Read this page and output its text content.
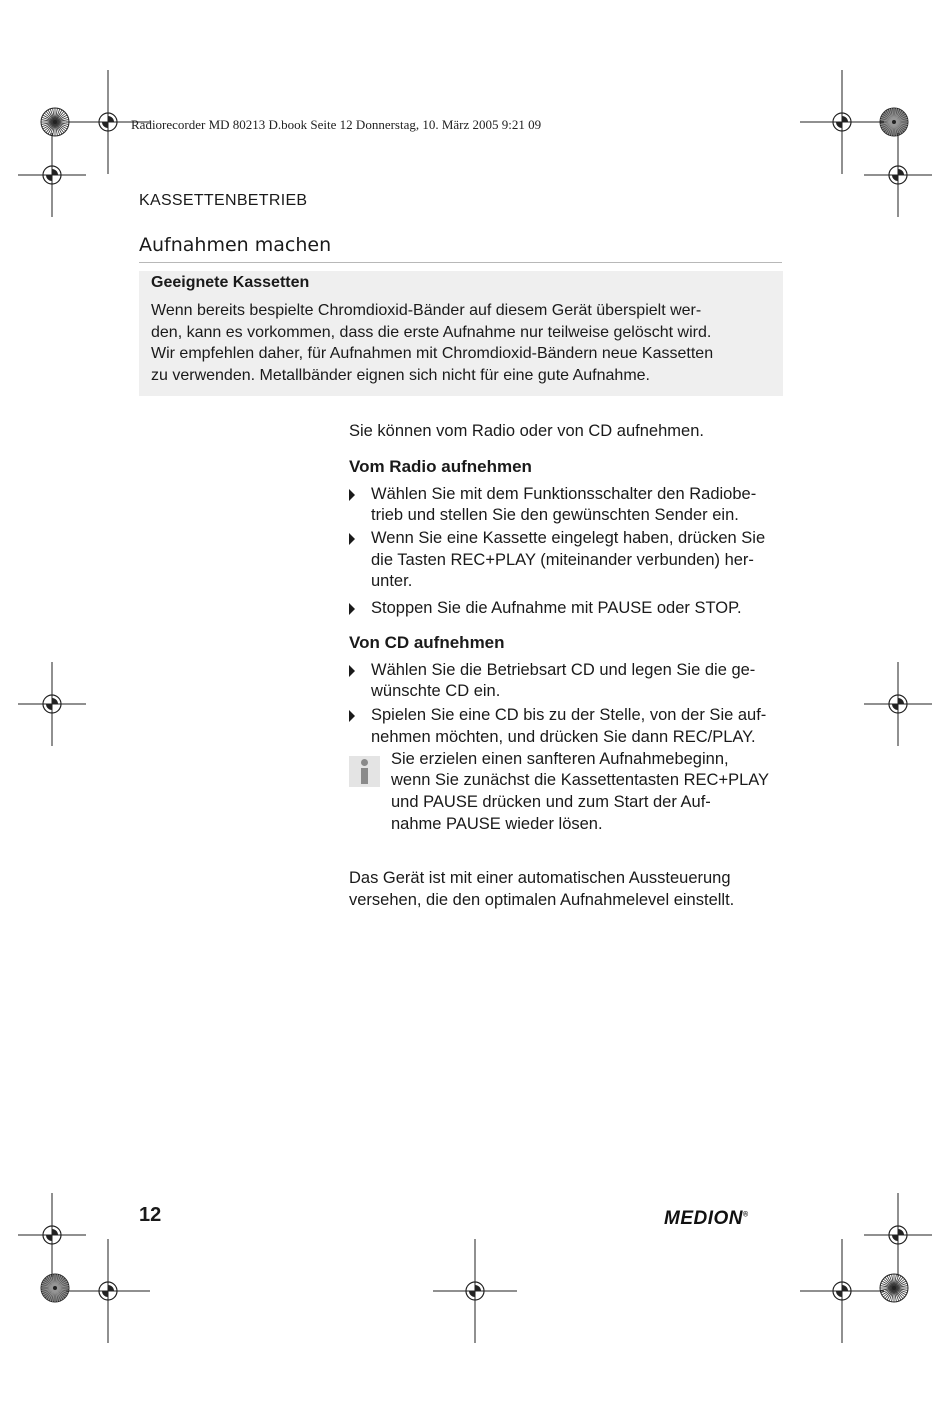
Radiorecorder MD 80213 D.book Seite 12 Donnerstag, 10. März 2005 9:21 09
KASSETTENBETRIEB
Aufnahmen machen
Geeignete Kassetten
Wenn bereits bespielte Chromdioxid-Bänder auf diesem Gerät überspielt wer-
den, kann es vorkommen, dass die erste Aufnahme nur teilweise gelöscht wird.
Wir empfehlen daher, für Aufnahmen mit Chromdioxid-Bändern neue Kassetten
zu verwenden. Metallbänder eignen sich nicht für eine gute Aufnahme.
Sie können vom Radio oder von CD aufnehmen.
Vom Radio aufnehmen
Wählen Sie mit dem Funktionsschalter den Radiobe-
trieb und stellen Sie den gewünschten Sender ein.
Wenn Sie eine Kassette eingelegt haben, drücken Sie
die Tasten REC+PLAY (miteinander verbunden) her-
unter.
Stoppen Sie die Aufnahme mit PAUSE oder STOP.
Von CD aufnehmen
Wählen Sie die Betriebsart CD und legen Sie die ge-
wünschte CD ein.
Spielen Sie eine CD bis zu der Stelle, von der Sie auf-
nehmen möchten, und drücken Sie dann REC/PLAY.
Sie erzielen einen sanfteren Aufnahmebeginn,
wenn Sie zunächst die Kassettentasten REC+PLAY
und PAUSE drücken und zum Start der Auf-
nahme PAUSE wieder lösen.
Das Gerät ist mit einer automatischen Aussteuerung
versehen, die den optimalen Aufnahmelevel einstellt.
12	MEDION®
